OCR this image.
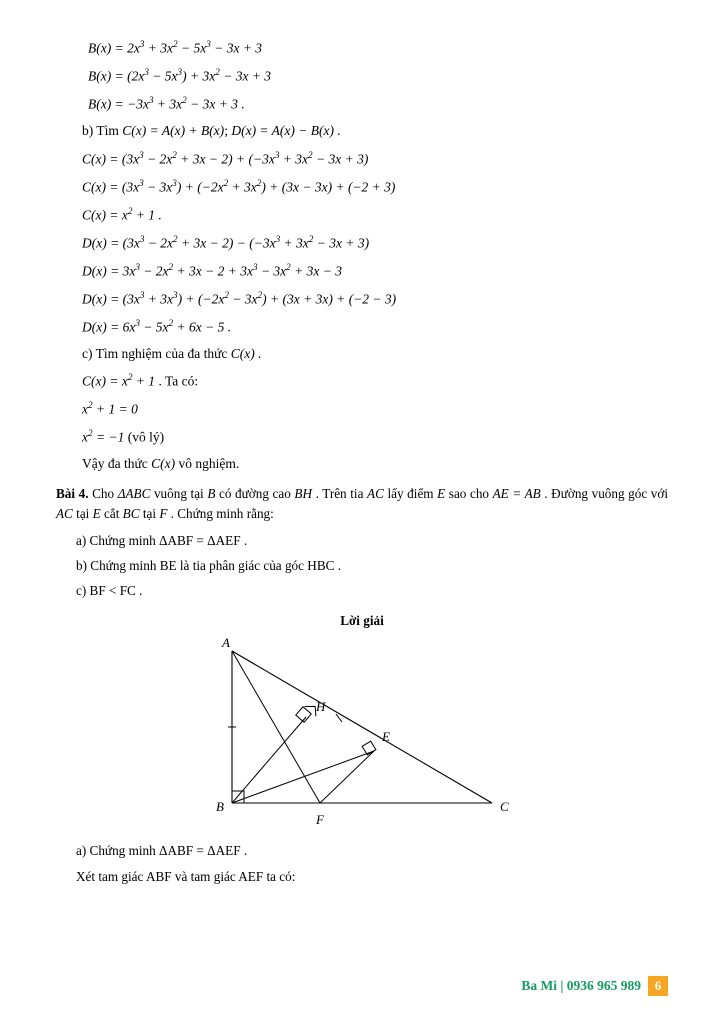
$B(x) = 2x^3 + 3x^2 - 5x^3 - 3x + 3$
$B(x) = (2x^3 - 5x^3) + 3x^2 - 3x + 3$
$B(x) = -3x^3 + 3x^2 - 3x + 3$ .
b) Tìm C(x) = A(x) + B(x); D(x) = A(x) − B(x) .
$C(x) = (3x^3 - 2x^2 + 3x - 2) + (-3x^3 + 3x^2 - 3x + 3)$
$C(x) = (3x^3 - 3x^3) + (-2x^2 + 3x^2) + (3x - 3x) + (-2 + 3)$
$C(x) = x^2 + 1$ .
$D(x) = (3x^3 - 2x^2 + 3x - 2) - (-3x^3 + 3x^2 - 3x + 3)$
$D(x) = 3x^3 - 2x^2 + 3x - 2 + 3x^3 - 3x^2 + 3x - 3$
$D(x) = (3x^3 + 3x^3) + (-2x^2 - 3x^2) + (3x + 3x) + (-2 - 3)$
$D(x) = 6x^3 - 5x^2 + 6x - 5$ .
c) Tìm nghiệm của đa thức C(x) .
$C(x) = x^2 + 1$ . Ta có:
$x^2 + 1 = 0$
$x^2 = -1$ (vô lý)
Vậy đa thức C(x) vô nghiệm.
Bài 4. Cho ΔABC vuông tại B có đường cao BH . Trên tia AC lấy điểm E sao cho AE = AB . Đường vuông góc với AC tại E cắt BC tại F . Chứng minh rằng:
a) Chứng minh ΔABF = ΔAEF .
b) Chứng minh BE là tia phân giác của góc HBC .
c) BF < FC .
Lời giải
A
B	C
E
F
H
a) Chứng minh ΔABF = ΔAEF .
Xét tam giác ABF và tam giác AEF ta có:
Ba Mi | 0936 965 989	6
